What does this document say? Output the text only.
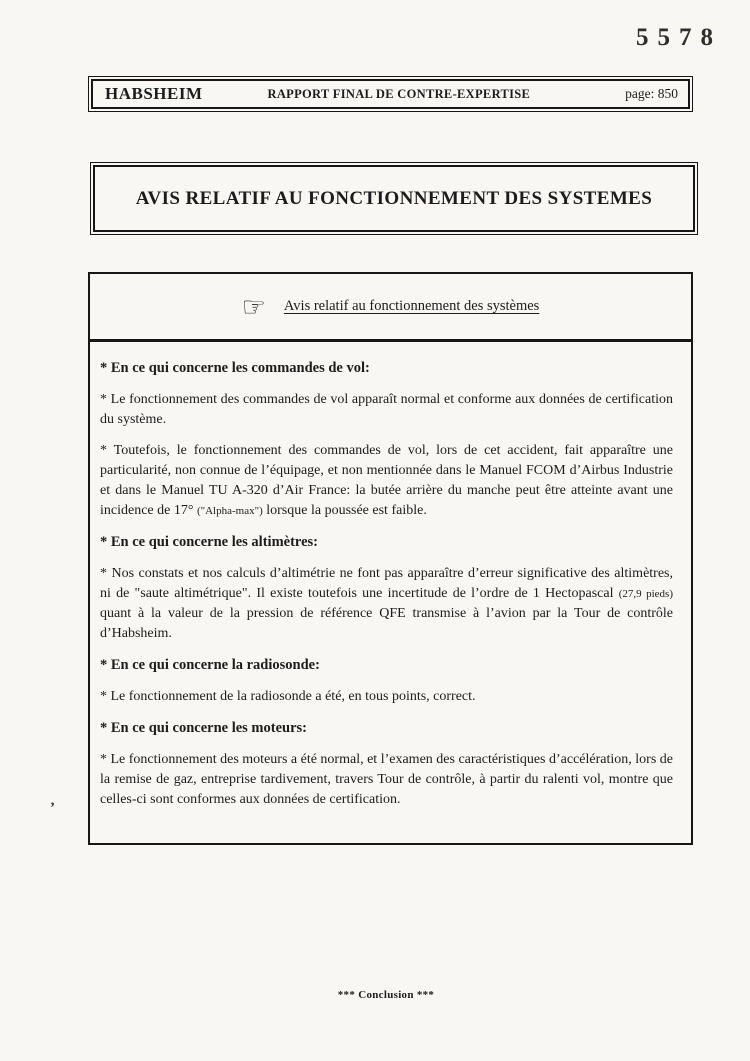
5578
HABSHEIM	RAPPORT FINAL DE CONTRE-EXPERTISE	page: 850
AVIS RELATIF AU FONCTIONNEMENT DES SYSTEMES
☞ Avis relatif au fonctionnement des systèmes

* En ce qui concerne les commandes de vol:

* Le fonctionnement des commandes de vol apparaît normal et conforme aux données de certification du système.

* Toutefois, le fonctionnement des commandes de vol, lors de cet accident, fait apparaître une particularité, non connue de l’équipage, et non mentionnée dans le Manuel FCOM d’Airbus Industrie et dans le Manuel TU A-320 d’Air France: la butée arrière du manche peut être atteinte avant une incidence de 17° ("Alpha-max") lorsque la poussée est faible.

* En ce qui concerne les altimètres:

* Nos constats et nos calculs d’altimétrie ne font pas apparaître d’erreur significative des altimètres, ni de "saute altimétrique". Il existe toutefois une incertitude de l’ordre de 1 Hectopascal (27,9 pieds) quant à la valeur de la pression de référence QFE transmise à l’avion par la Tour de contrôle d’Habsheim.

* En ce qui concerne la radiosonde:

* Le fonctionnement de la radiosonde a été, en tous points, correct.

* En ce qui concerne les moteurs:

* Le fonctionnement des moteurs a été normal, et l’examen des caractéristiques d’accélération, lors de la remise de gaz, entreprise tardivement, travers Tour de contrôle, à partir du ralenti vol, montre que celles-ci sont conformes aux données de certification.

’
*** Conclusion ***
